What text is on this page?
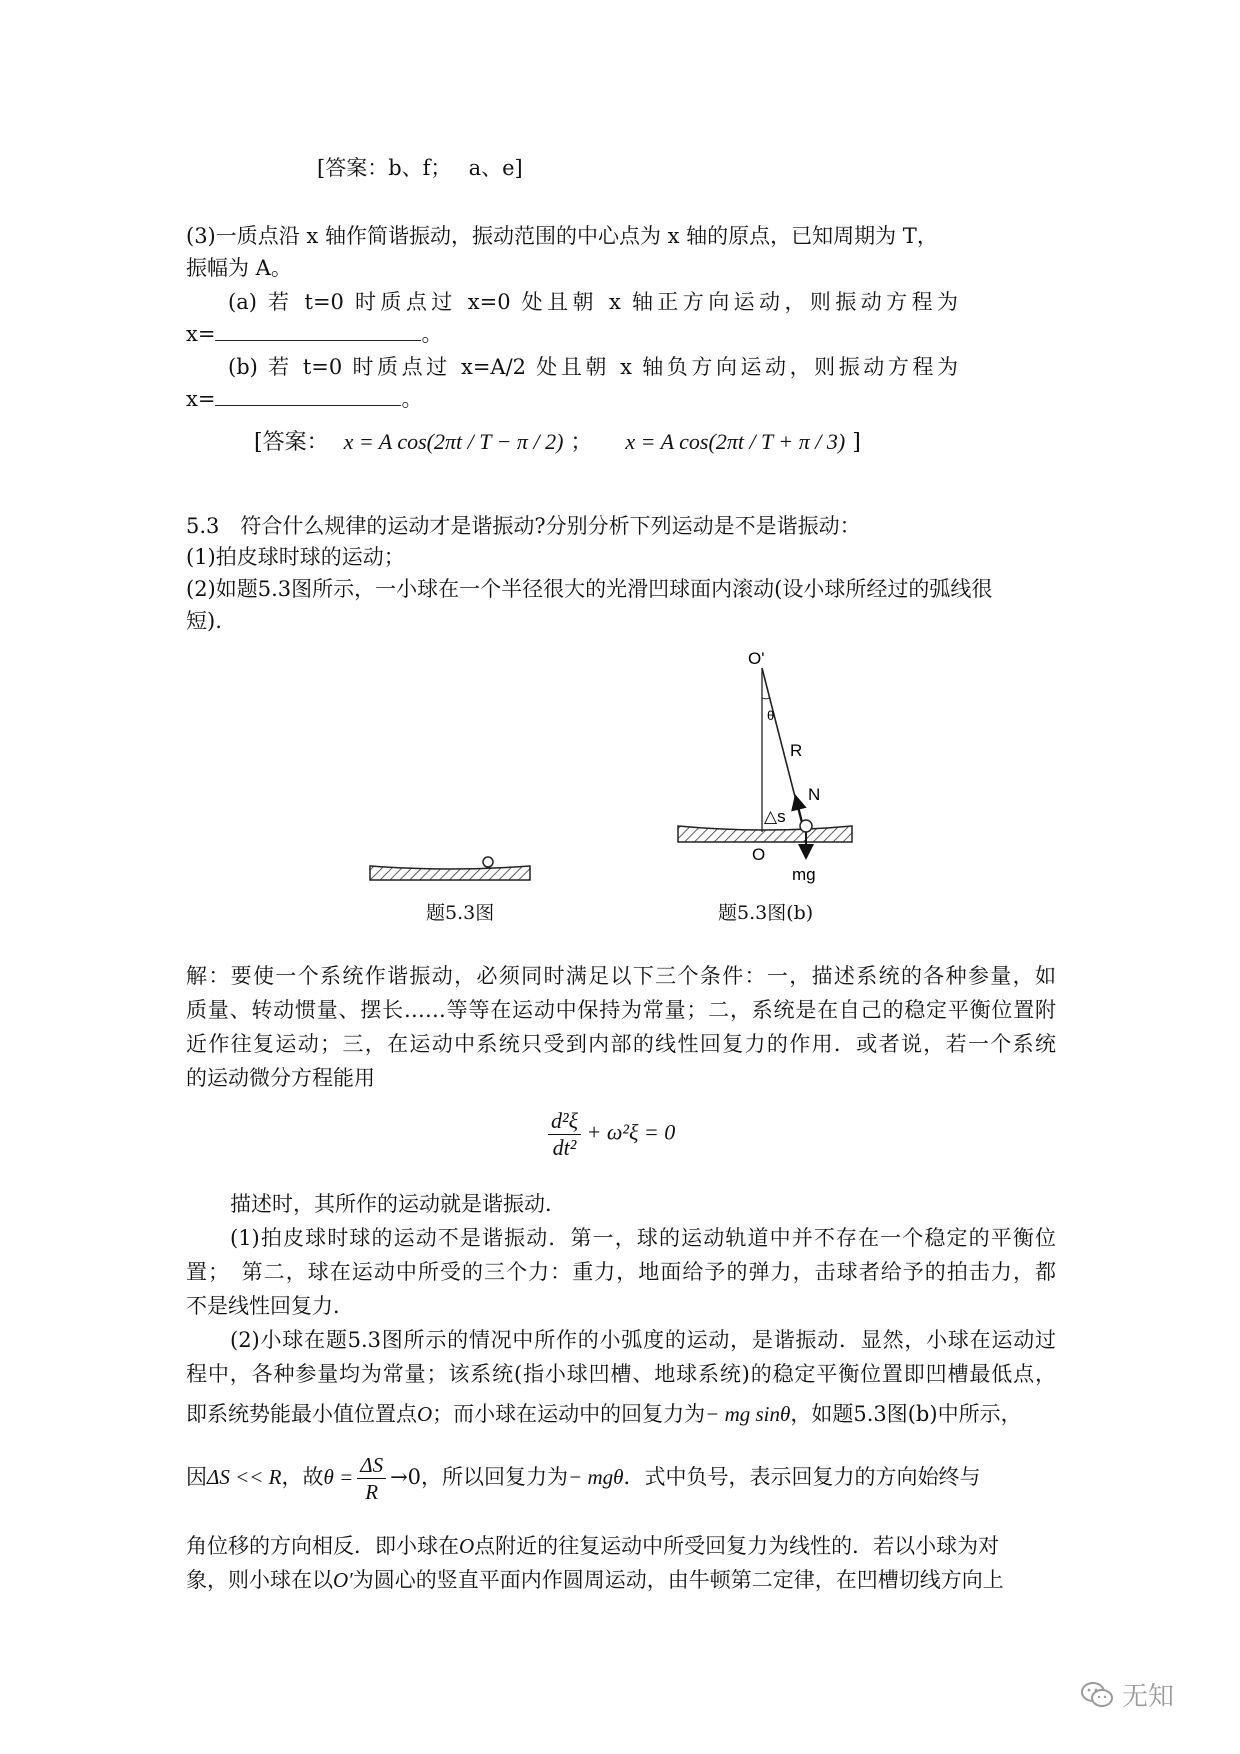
[答案：b、f；　 a、e]
(3)一质点沿 x 轴作简谐振动，振动范围的中心点为 x 轴的原点，已知周期为 T，
振幅为 A。
(a) 若 t=0 时质点过 x=0 处且朝 x 轴正方向运动，则振动方程为
x=	。
(b) 若 t=0 时质点过 x=A/2 处且朝 x 轴负方向运动，则振动方程为
x=	。
[答案： x = A cos(2πt / T − π / 2) ； x = A cos(2πt / T + π / 3) ]
5.3　符合什么规律的运动才是谐振动?分别分析下列运动是不是谐振动：
(1)拍皮球时球的运动；
(2)如题5.3图所示，一小球在一个半径很大的光滑凹球面内滚动(设小球所经过的弧线很
短).
题5.3图
O'
θ
R
N
△s
O
mg
题5.3图(b)
解：要使一个系统作谐振动，必须同时满足以下三个条件：一，描述系统的各种参量，如
质量、转动惯量、摆长……等等在运动中保持为常量；二，系统是在自己的稳定平衡位置附
近作往复运动；三，在运动中系统只受到内部的线性回复力的作用．或者说，若一个系统
的运动微分方程能用
$\frac{\text{d²ξ}}{\text{dt²}} + \omega^2\xi = 0$
描述时，其所作的运动就是谐振动．
(1)拍皮球时球的运动不是谐振动．第一，球的运动轨道中并不存在一个稳定的平衡位
置；　第二，球在运动中所受的三个力：重力，地面给予的弹力，击球者给予的拍击力，都
不是线性回复力．
(2)小球在题5.3图所示的情况中所作的小弧度的运动，是谐振动．显然，小球在运动过
程中，各种参量均为常量；该系统(指小球凹槽、地球系统)的稳定平衡位置即凹槽最低点，
即系统势能最小值位置点O；而小球在运动中的回复力为− mg sinθ，如题5.3图(b)中所示，
因ΔS << R，故$\theta = \frac{\Delta S}{R} \to 0$，所以回复力为− mgθ．式中负号，表示回复力的方向始终与
角位移的方向相反．即小球在O点附近的往复运动中所受回复力为线性的．若以小球为对
象，则小球在以O′为圆心的竖直平面内作圆周运动，由牛顿第二定律，在凹槽切线方向上
无知
